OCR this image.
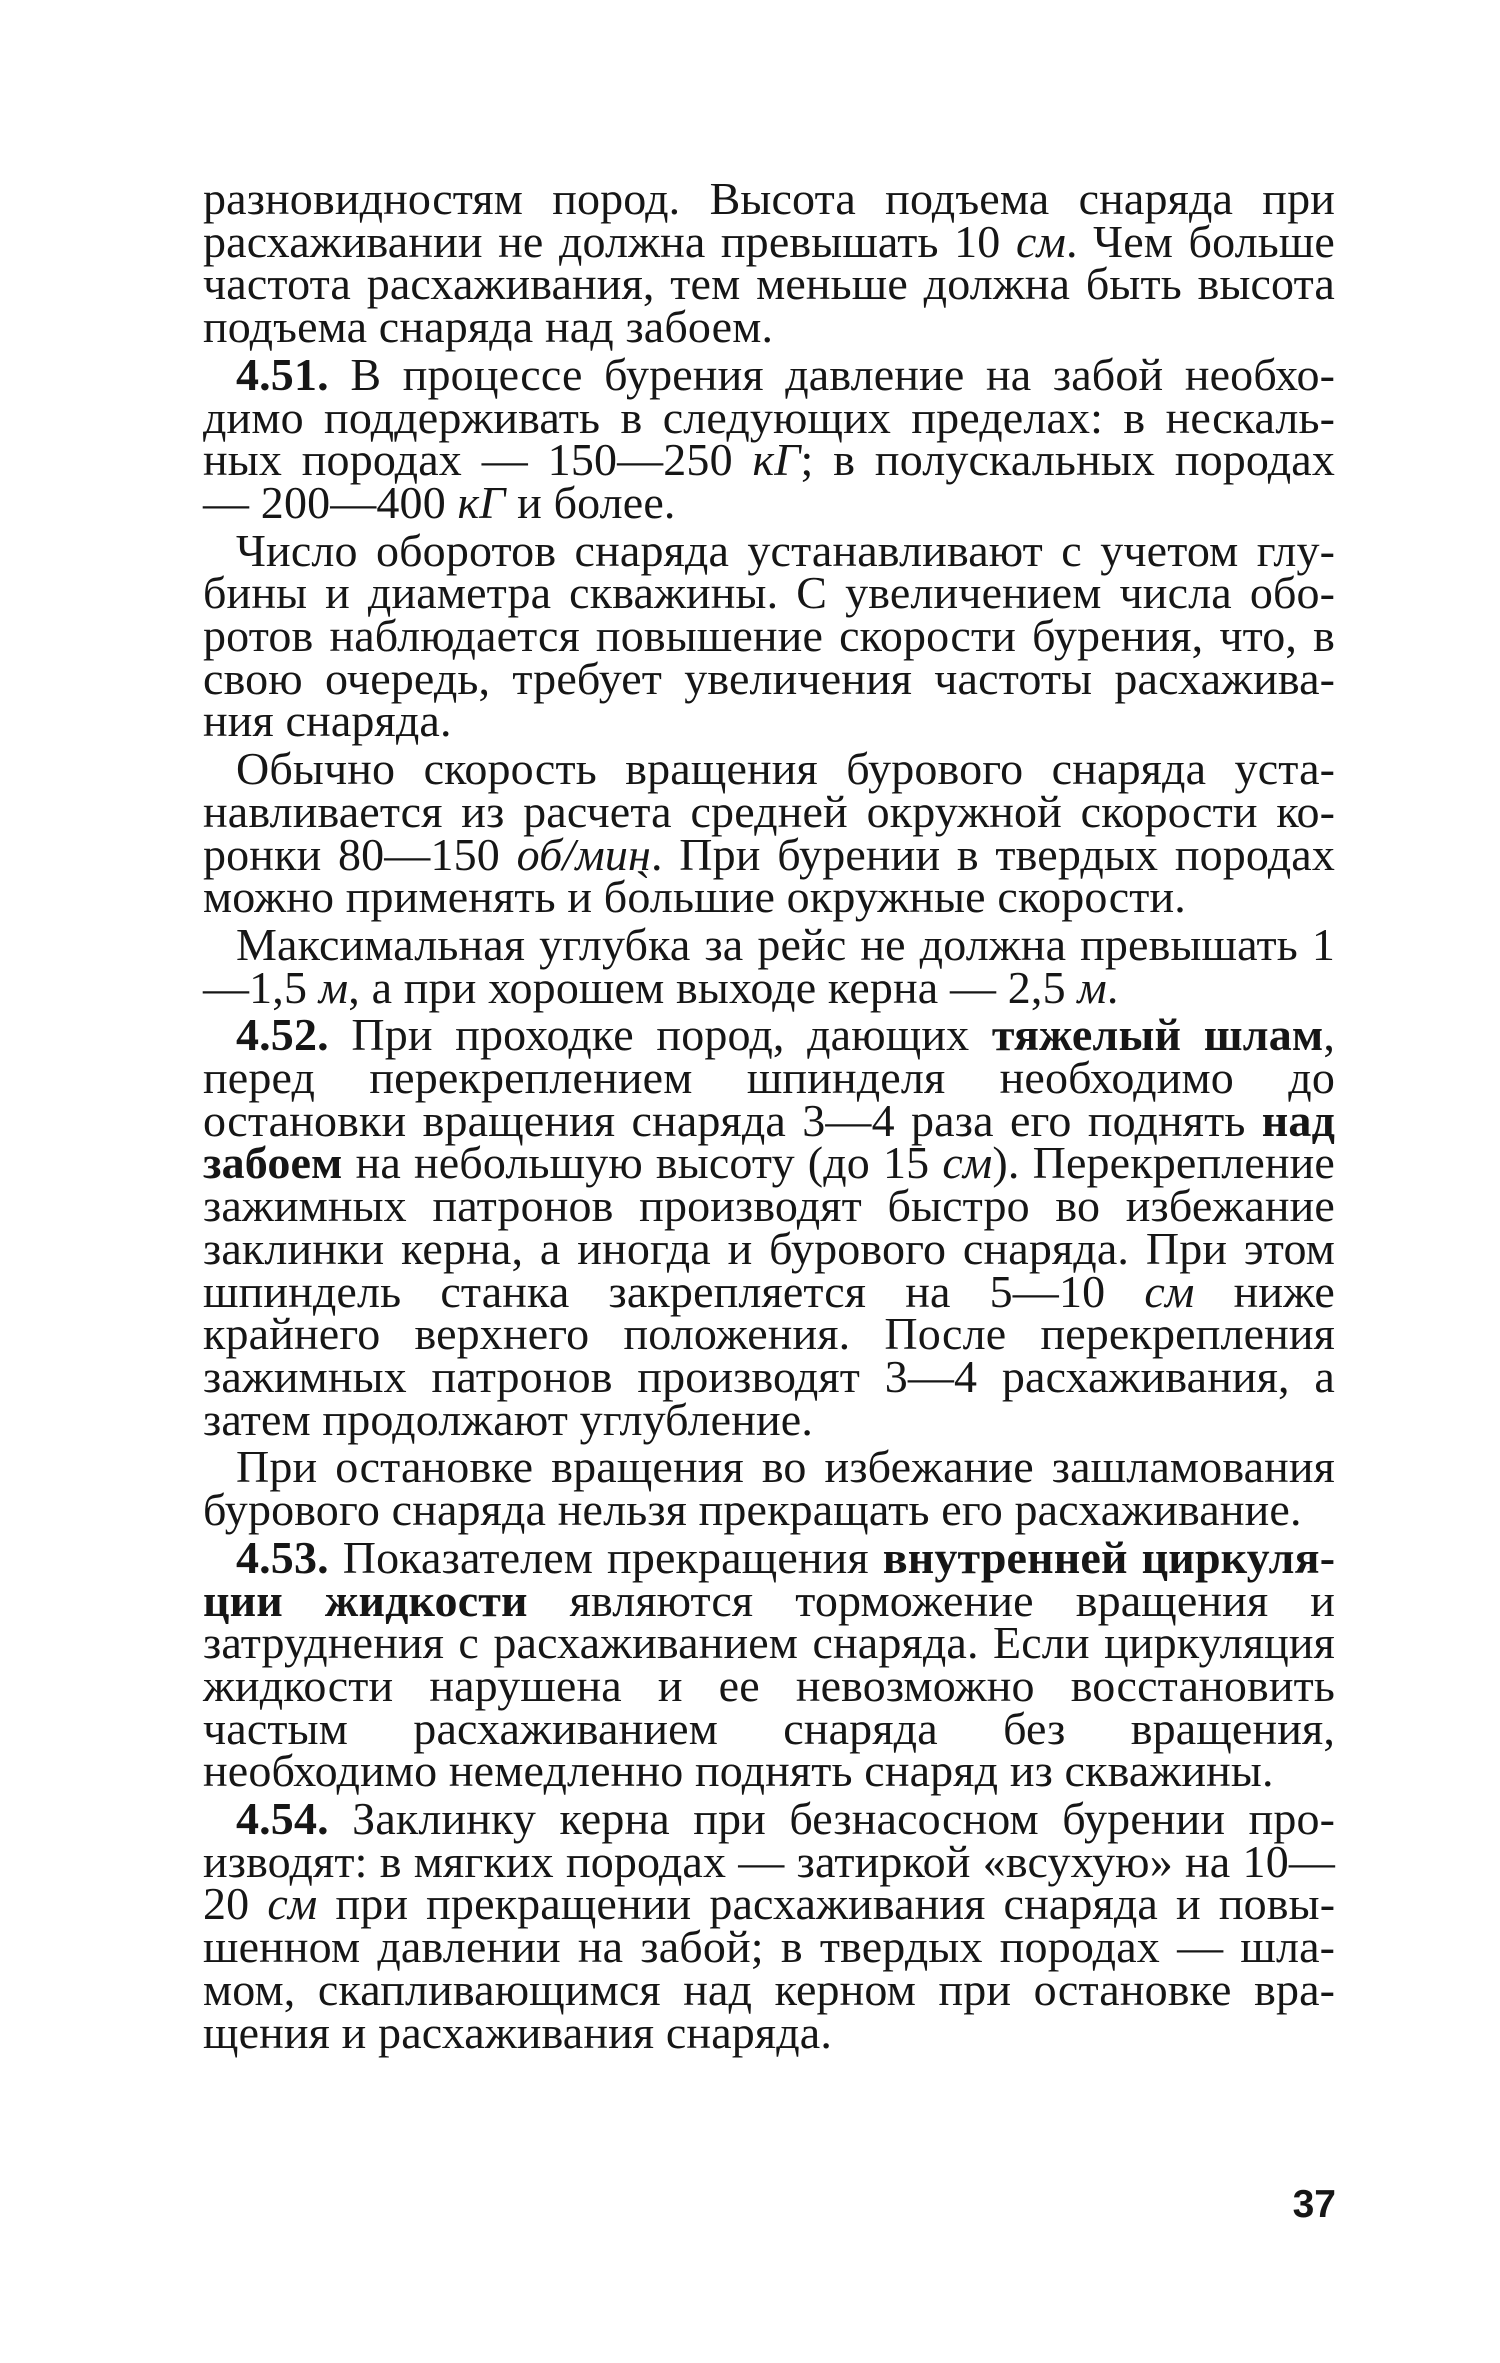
разновидностям пород. Высота подъема снаряда при расхаживании не должна превышать 10 см. Чем больше частота расхаживания, тем меньше должна быть высота подъема снаряда над забоем.

4.51. В процессе бурения давление на забой необходимо поддерживать в следующих пределах: в нескальных породах — 150—250 кГ; в полускальных породах — 200—400 кГ и более.

Число оборотов снаряда устанавливают с учетом глубины и диаметра скважины. С увеличением числа оборотов наблюдается повышение скорости бурения, что, в свою очередь, требует увеличения частоты расхаживания снаряда.

Обычно скорость вращения бурового снаряда устанавливается из расчета средней окружной скорости коронки 80—150 об/мин. При бурении в твердых породах можно применять и бо̀льшие окружные скорости.

Максимальная углубка за рейс не должна превышать 1—1,5 м, а при хорошем выходе керна — 2,5 м.

4.52. При проходке пород, дающих тяжелый шлам, перед перекреплением шпинделя необходимо до остановки вращения снаряда 3—4 раза его поднять над забоем на небольшую высоту (до 15 см). Перекрепление зажимных патронов производят быстро во избежание заклинки керна, а иногда и бурового снаряда. При этом шпиндель станка закрепляется на 5—10 см ниже крайнего верхнего положения. После перекрепления зажимных патронов производят 3—4 расхаживания, а затем продолжают углубление.

При остановке вращения во избежание зашламования бурового снаряда нельзя прекращать его расхаживание.

4.53. Показателем прекращения внутренней циркуляции жидкости являются торможение вращения и затруднения с расхаживанием снаряда. Если циркуляция жидкости нарушена и ее невозможно восстановить частым расхаживанием снаряда без вращения, необходимо немедленно поднять снаряд из скважины.

4.54. Заклинку керна при безнасосном бурении производят: в мягких породах — затиркой «всухую» на 10—20 см при прекращении расхаживания снаряда и повышенном давлении на забой; в твердых породах — шламом, скапливающимся над керном при остановке вращения и расхаживания снаряда.

37
